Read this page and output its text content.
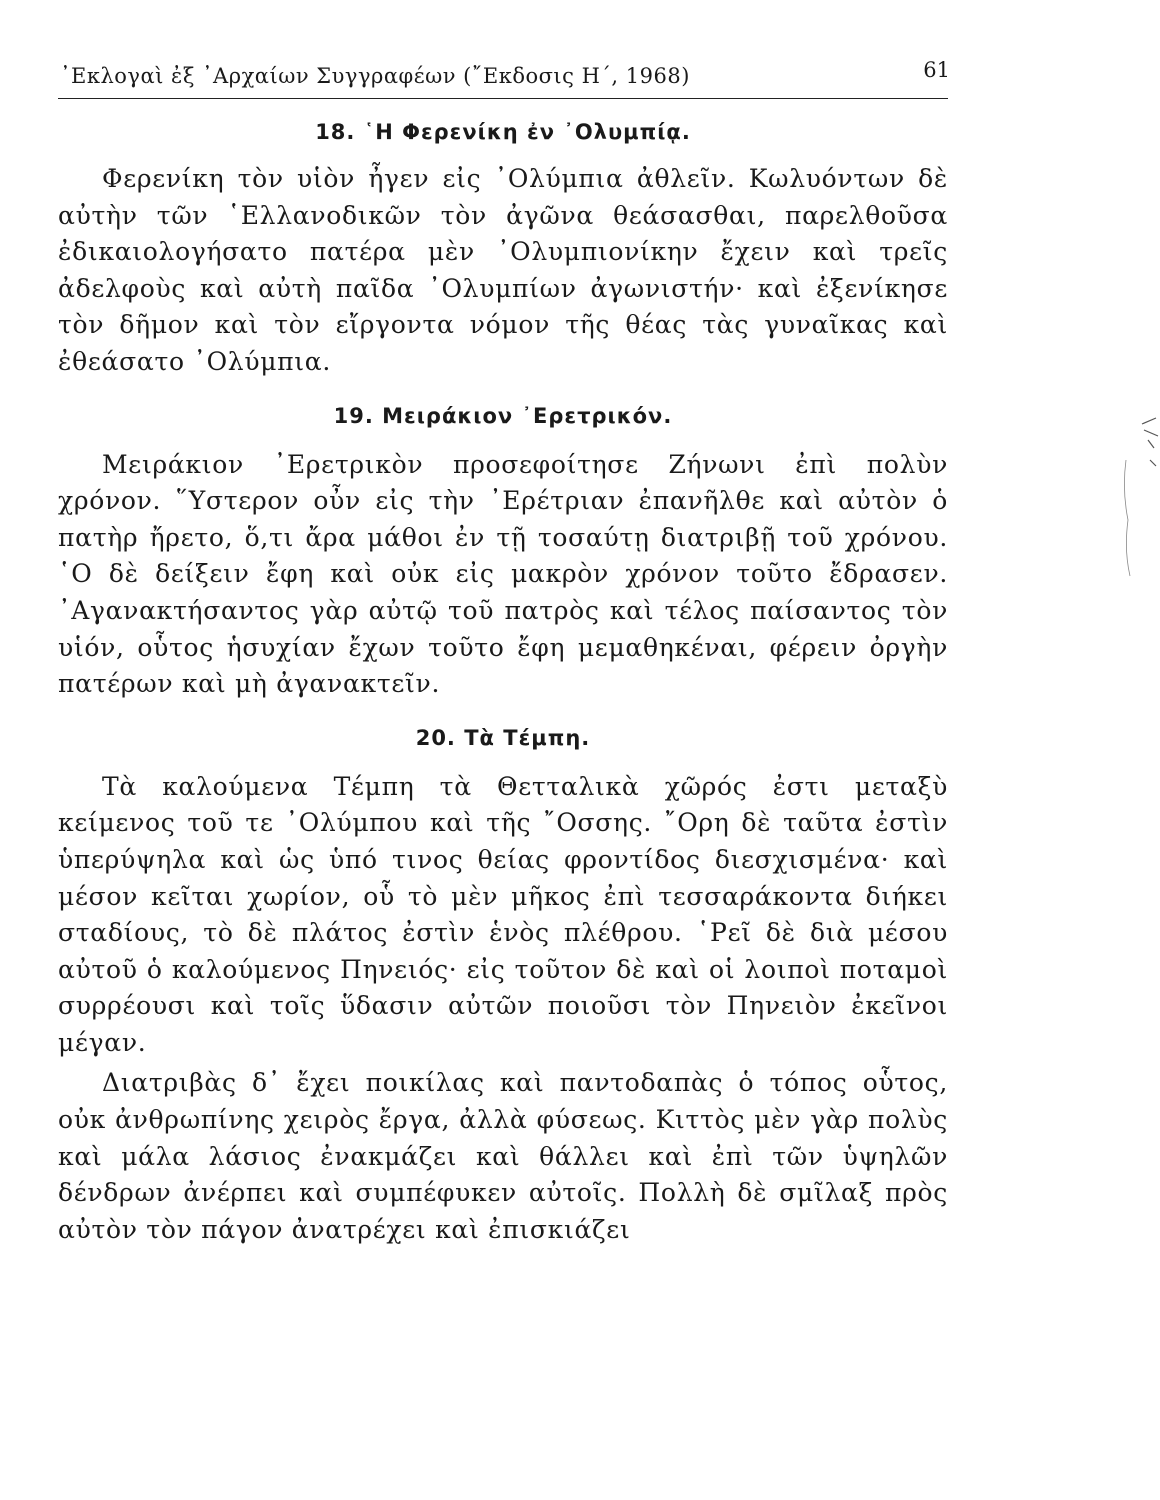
᾿Εκλογαὶ ἐξ ᾿Αρχαίων Συγγραφέων (῎Εκδοσις Η΄, 1968)	61
18. ῾Η Φερενίκη ἐν ᾿Ολυμπίᾳ.

Φερενίκη τὸν υἱὸν ἦγεν εἰς ᾿Ολύμπια ἀθλεῖν. Κωλυόντων δὲ αὐτὴν τῶν ῾Ελλανοδικῶν τὸν ἀγῶνα θεάσασθαι, παρελθοῦσα ἐδικαιολογήσατο πατέρα μὲν ᾿Ολυμπιονίκην ἔχειν καὶ τρεῖς ἀδελφοὺς καὶ αὐτὴ παῖδα ᾿Ολυμπίων ἀγωνιστήν· καὶ ἐξενίκησε τὸν δῆμον καὶ τὸν εἴργοντα νόμον τῆς θέας τὰς γυναῖκας καὶ ἐθεάσατο ᾿Ολύμπια.

19. Μειράκιον ᾿Ερετρικόν.

Μειράκιον ᾿Ερετρικὸν προσεφοίτησε Ζήνωνι ἐπὶ πολὺν χρόνον. ῞Υστερον οὖν εἰς τὴν ᾿Ερέτριαν ἐπανῆλθε καὶ αὐτὸν ὁ πατὴρ ἤρετο, ὅ,τι ἄρα μάθοι ἐν τῇ τοσαύτῃ διατριβῇ τοῦ χρόνου. ῾Ο δὲ δείξειν ἔφη καὶ οὐκ εἰς μακρὸν χρόνον τοῦτο ἔδρασεν. ᾿Αγανακτήσαντος γὰρ αὐτῷ τοῦ πατρὸς καὶ τέλος παίσαντος τὸν υἱόν, οὗτος ἡσυχίαν ἔχων τοῦτο ἔφη μεμαθηκέναι, φέρειν ὀργὴν πατέρων καὶ μὴ ἀγανακτεῖν.

20. Τὰ Τέμπη.

Τὰ καλούμενα Τέμπη τὰ Θετταλικὰ χῶρός ἐστι μεταξὺ κείμενος τοῦ τε ᾿Ολύμπου καὶ τῆς ῎Οσσης. ῎Ορη δὲ ταῦτα ἐστὶν ὑπερύψηλα καὶ ὡς ὑπό τινος θείας φροντίδος διεσχισμένα· καὶ μέσον κεῖται χωρίον, οὗ τὸ μὲν μῆκος ἐπὶ τεσσαράκοντα διήκει σταδίους, τὸ δὲ πλάτος ἐστὶν ἑνὸς πλέθρου. ῾Ρεῖ δὲ διὰ μέσου αὐτοῦ ὁ καλούμενος Πηνειός· εἰς τοῦτον δὲ καὶ οἱ λοιποὶ ποταμοὶ συρρέουσι καὶ τοῖς ὕδασιν αὐτῶν ποιοῦσι τὸν Πηνειὸν ἐκεῖνοι μέγαν.

Διατριβὰς δ᾿ ἔχει ποικίλας καὶ παντοδαπὰς ὁ τόπος οὗτος, οὐκ ἀνθρωπίνης χειρὸς ἔργα, ἀλλὰ φύσεως. Κιττὸς μὲν γὰρ πολὺς καὶ μάλα λάσιος ἐνακμάζει καὶ θάλλει καὶ ἐπὶ τῶν ὑψηλῶν δένδρων ἀνέρπει καὶ συμπέφυκεν αὐτοῖς. Πολλὴ δὲ σμῖλαξ πρὸς αὐτὸν τὸν πάγον ἀνατρέχει καὶ ἐπισκιάζει
